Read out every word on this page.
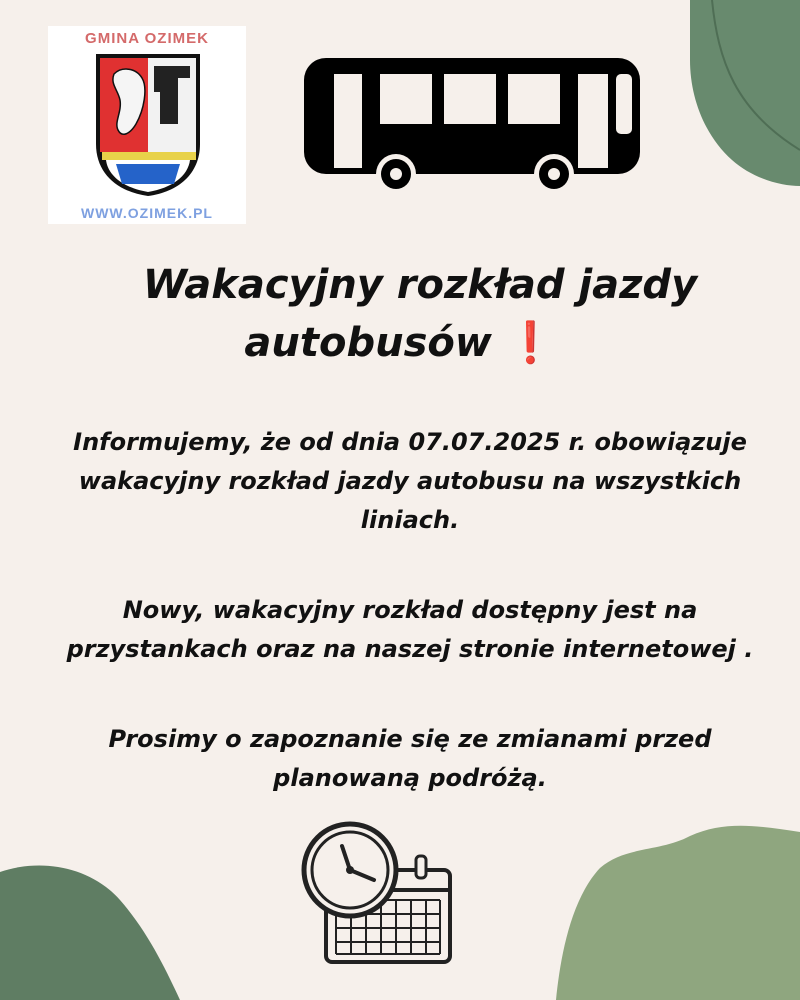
GMINA OZIMEK
WWW.OZIMEK.PL
Wakacyjny rozkład jazdy

autobusów ❗

Informujemy, że od dnia 07.07.2025 r. obowiązuje
wakacyjny rozkład jazdy autobusu na wszystkich
liniach.

Nowy, wakacyjny rozkład dostępny jest na
przystankach oraz na naszej stronie internetowej .

Prosimy o zapoznanie się ze zmianami przed
planowaną podróżą.
